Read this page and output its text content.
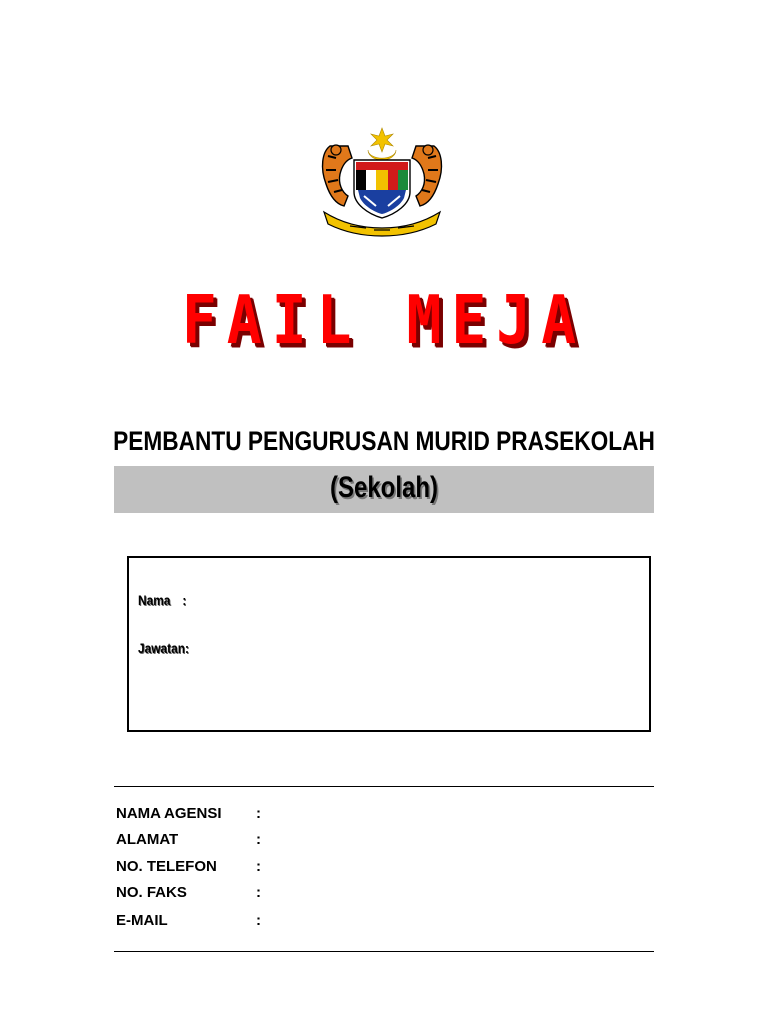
FAIL MEJA
PEMBANTU PENGURUSAN MURID PRASEKOLAH
(Sekolah)
Nama :
Jawatan:
NAMA AGENSI :
ALAMAT	:
NO. TELEFON	:
NO. FAKS	:
E-MAIL	:
